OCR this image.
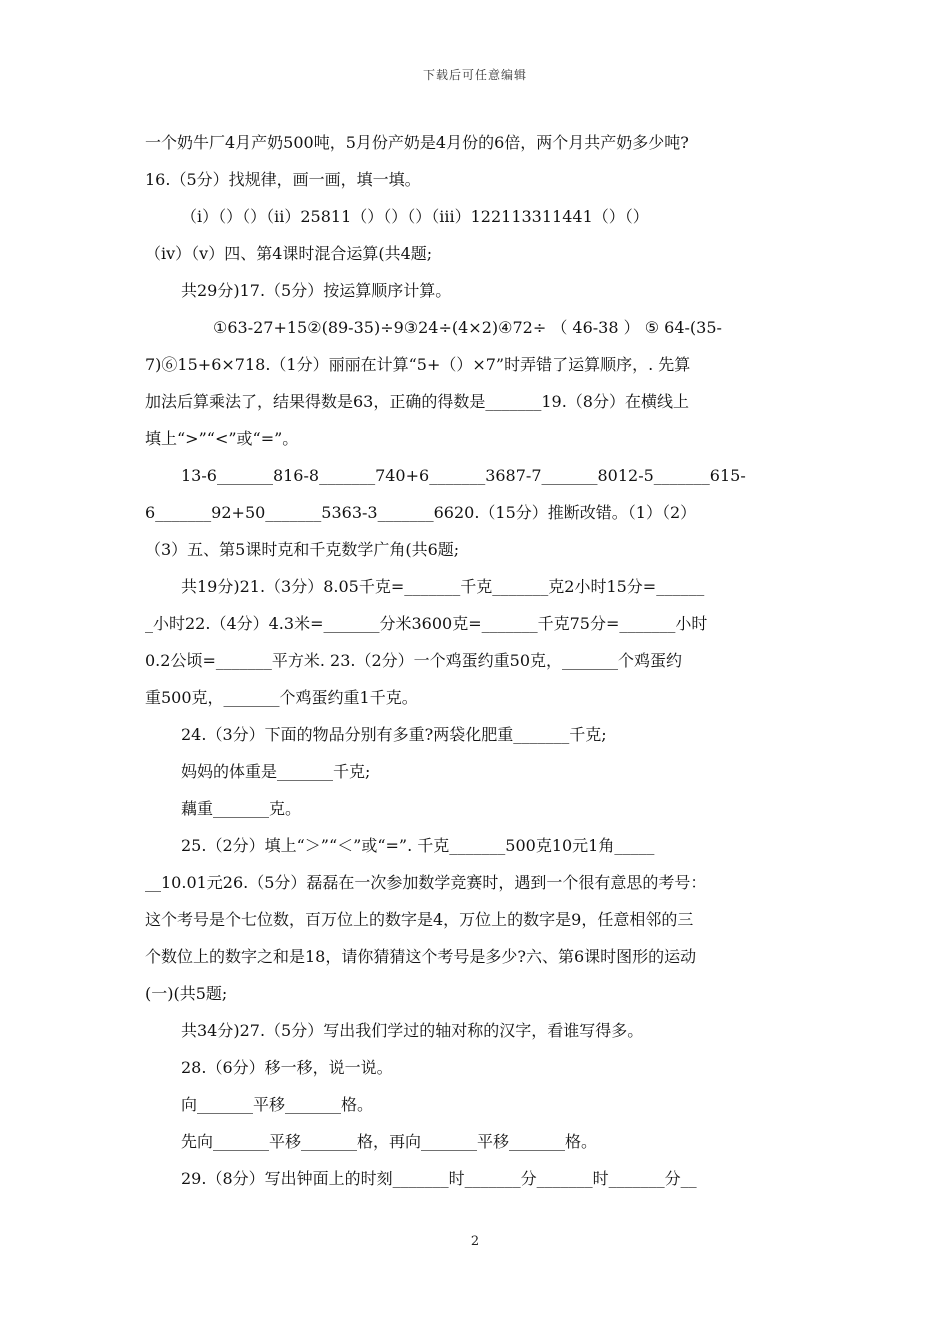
下载后可任意编辑
一个奶牛厂4月产奶500吨，5月份产奶是4月份的6倍，两个月共产奶多少吨?
16.（5分）找规律，画一画，填一填。
（i）（）（）（ii）25811（）（）（）（iii）122113311441（）（）
（iv）（v）四、第4课时混合运算(共4题;
共29分)17.（5分）按运算顺序计算。
①63-27+15②(89-35)÷9③24÷(4×2)④72÷ （ 46-38 ） ⑤ 64-(35-
7)⑥15+6×718.（1分）丽丽在计算“5+（）×7”时弄错了运算顺序，. 先算
加法后算乘法了，结果得数是63，正确的得数是_______19.（8分）在横线上
填上“>”“<”或“=”。
13-6_______816-8_______740+6_______3687-7_______8012-5_______615-
6_______92+50_______5363-3_______6620.（15分）推断改错。（1）（2）
（3）五、第5课时克和千克数学广角(共6题;
共19分)21.（3分）8.05千克=_______千克_______克2小时15分=______
_小时22.（4分）4.3米=_______分米3600克=_______千克75分=_______小时
0.2公顷=_______平方米. 23.（2分）一个鸡蛋约重50克，_______个鸡蛋约
重500克，_______个鸡蛋约重1千克。
24.（3分）下面的物品分别有多重?两袋化肥重_______千克;
妈妈的体重是_______千克;
藕重_______克。
25.（2分）填上“＞”“＜”或“=”. 千克_______500克10元1角_____
__10.01元26.（5分）磊磊在一次参加数学竞赛时，遇到一个很有意思的考号：
这个考号是个七位数，百万位上的数字是4，万位上的数字是9，任意相邻的三
个数位上的数字之和是18，请你猜猜这个考号是多少?六、第6课时图形的运动
(一)(共5题;
共34分)27.（5分）写出我们学过的轴对称的汉字，看谁写得多。
28.（6分）移一移，说一说。
向_______平移_______格。
先向_______平移_______格，再向_______平移_______格。
29.（8分）写出钟面上的时刻_______时_______分_______时_______分__
2
